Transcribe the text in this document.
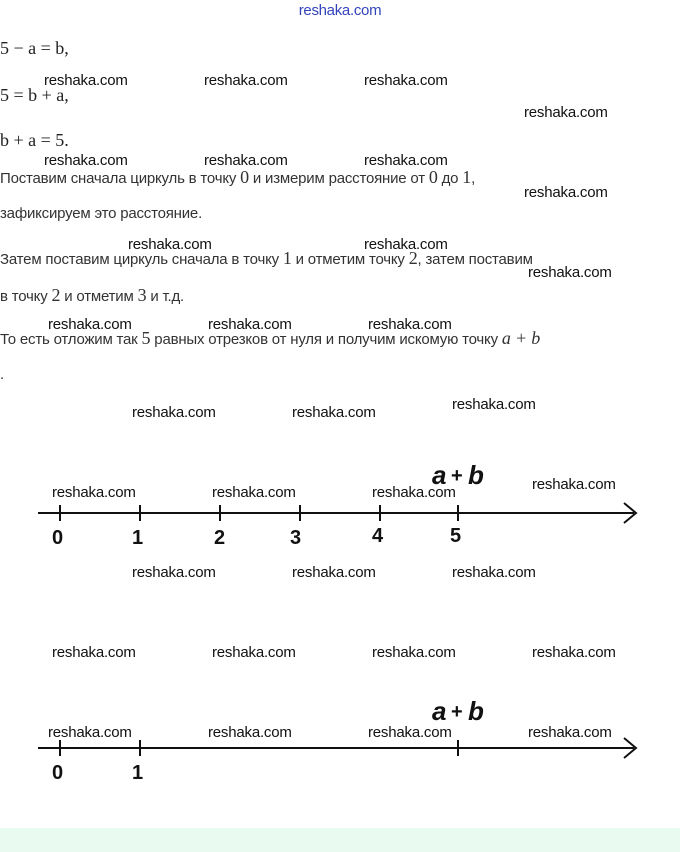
reshaka.com
5 − a = b,
5 = b + a,
b + a = 5.
Поставим сначала циркуль в точку 0 и измерим расстояние от 0 до 1,
зафиксируем это расстояние.
Затем поставим циркуль сначала в точку 1 и отметим точку 2, затем поставим
в точку 2 и отметим 3 и т.д.
То есть отложим так 5 равных отрезков от нуля и получим искомую точку a + b
.
0	1	2	3	4	5
a + b
0	1
a + b
reshaka.com	reshaka.com	reshaka.com
reshaka.com
reshaka.com	reshaka.com	reshaka.com
reshaka.com
reshaka.com	reshaka.com
reshaka.com
reshaka.com	reshaka.com	reshaka.com
reshaka.com	reshaka.com	reshaka.com
reshaka.com	reshaka.com	reshaka.com	reshaka.com
reshaka.com	reshaka.com	reshaka.com
reshaka.com	reshaka.com	reshaka.com	reshaka.com
reshaka.com	reshaka.com	reshaka.com	reshaka.com
